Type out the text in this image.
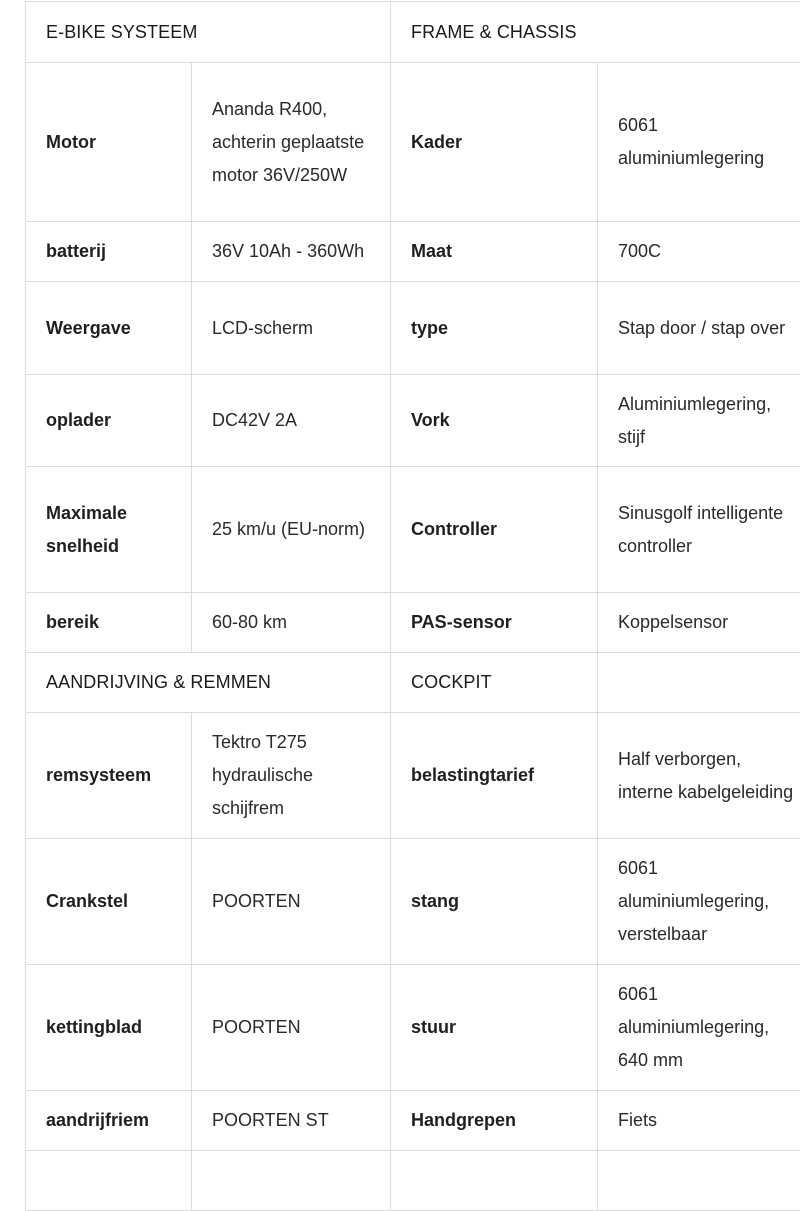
E-BIKE SYSTEEM		FRAME & CHASSIS	
Motor	Ananda R400, achterin geplaatste motor 36V/250W	Kader	6061 aluminiumlegering
batterij	36V 10Ah - 360Wh	Maat	700C
Weergave	LCD-scherm	type	Stap door / stap over
oplader	DC42V 2A	Vork	Aluminiumlegering, stijf
Maximale snelheid	25 km/u (EU-norm)	Controller	Sinusgolf intelligente controller
bereik	60-80 km	PAS-sensor	Koppelsensor
AANDRIJVING & REMMEN		COCKPIT	
remsysteem	Tektro T275 hydraulische schijfrem	belastingtarief	Half verborgen, interne kabelgeleiding
Crankstel	POORTEN	stang	6061 aluminiumlegering, verstelbaar
kettingblad	POORTEN	stuur	6061 aluminiumlegering, 640 mm
aandrijfriem	POORTEN ST	Handgrepen	Fiets
